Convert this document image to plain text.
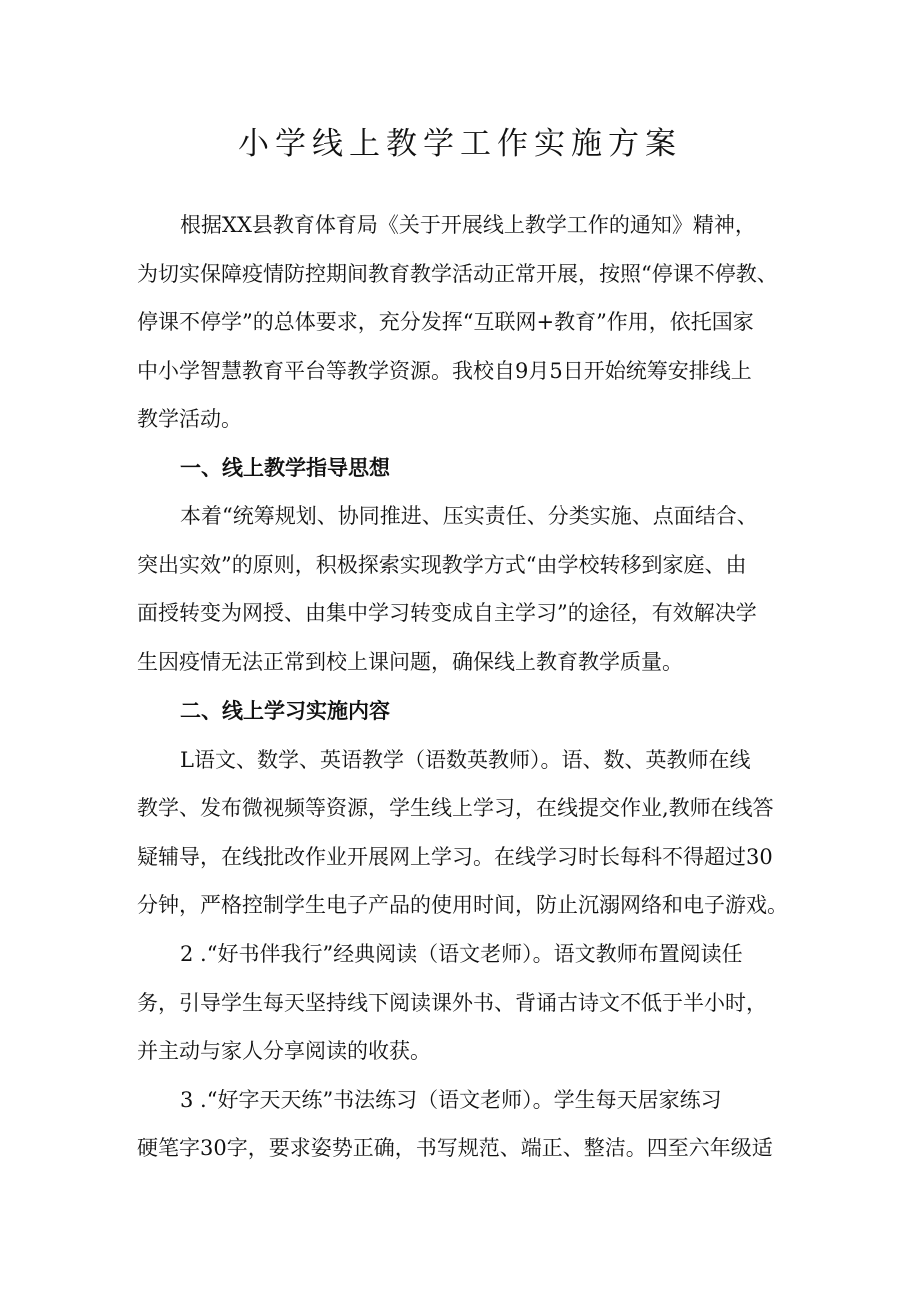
小学线上教学工作实施方案

根据XX县教育体育局《关于开展线上教学工作的通知》精神，

为切实保障疫情防控期间教育教学活动正常开展，按照“停课不停教、

停课不停学”的总体要求，充分发挥“互联网+教育”作用，依托国家

中小学智慧教育平台等教学资源。我校自9月5日开始统筹安排线上

教学活动。

一、线上教学指导思想

本着“统筹规划、协同推进、压实责任、分类实施、点面结合、

突出实效”的原则，积极探索实现教学方式“由学校转移到家庭、由

面授转变为网授、由集中学习转变成自主学习”的途径，有效解决学

生因疫情无法正常到校上课问题，确保线上教育教学质量。

二、线上学习实施内容

L语文、数学、英语教学（语数英教师）。语、数、英教师在线

教学、发布微视频等资源，学生线上学习，在线提交作业,教师在线答

疑辅导，在线批改作业开展网上学习。在线学习时长每科不得超过30

分钟，严格控制学生电子产品的使用时间，防止沉溺网络和电子游戏。

2 .“好书伴我行”经典阅读（语文老师）。语文教师布置阅读任

务，引导学生每天坚持线下阅读课外书、背诵古诗文不低于半小时，

并主动与家人分享阅读的收获。

3 .“好字天天练”书法练习（语文老师）。学生每天居家练习

硬笔字30字，要求姿势正确，书写规范、端正、整洁。四至六年级适
